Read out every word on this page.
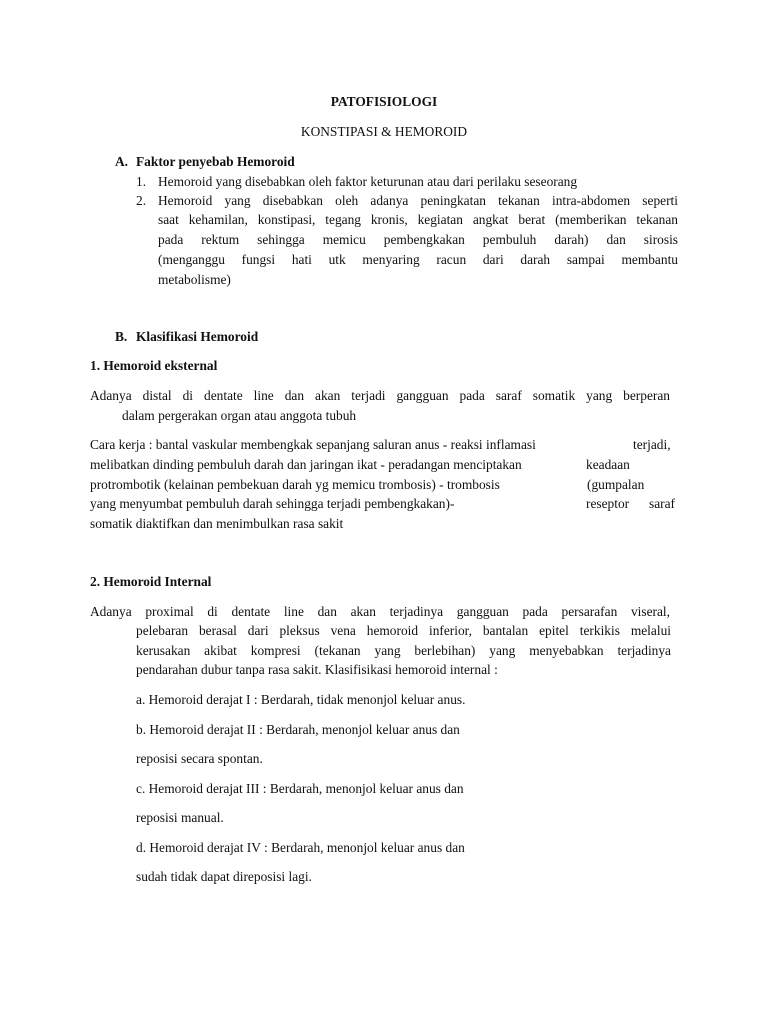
PATOFISIOLOGI
KONSTIPASI & HEMOROID
A. Faktor penyebab Hemoroid
1. Hemoroid yang disebabkan oleh faktor keturunan atau dari perilaku seseorang
2. Hemoroid yang disebabkan oleh adanya peningkatan tekanan intra-abdomen seperti
saat kehamilan, konstipasi, tegang kronis, kegiatan angkat berat (memberikan tekanan
pada rektum sehingga memicu pembengkakan pembuluh darah) dan sirosis
(menganggu fungsi hati utk menyaring racun dari darah sampai membantu
metabolisme)
B. Klasifikasi Hemoroid
1. Hemoroid eksternal
Adanya distal di dentate line dan akan terjadi gangguan pada saraf somatik yang berperan
dalam pergerakan organ atau anggota tubuh
Cara kerja : bantal vaskular membengkak sepanjang saluran anus - reaksi inflamasi	terjadi,
melibatkan dinding pembuluh darah dan jaringan ikat - peradangan menciptakan	keadaan
protrombotik (kelainan pembekuan darah yg memicu trombosis) - trombosis	(gumpalan
yang menyumbat pembuluh darah sehingga terjadi pembengkakan)-	reseptor saraf
somatik diaktifkan dan menimbulkan rasa sakit
2. Hemoroid Internal
Adanya proximal di dentate line dan akan terjadinya gangguan pada persarafan viseral,
pelebaran berasal dari pleksus vena hemoroid inferior, bantalan epitel terkikis melalui
kerusakan akibat kompresi (tekanan yang berlebihan) yang menyebabkan terjadinya
pendarahan dubur tanpa rasa sakit. Klasifisikasi hemoroid internal :
a. Hemoroid derajat I : Berdarah, tidak menonjol keluar anus.
b. Hemoroid derajat II : Berdarah, menonjol keluar anus dan
reposisi secara spontan.
c. Hemoroid derajat III : Berdarah, menonjol keluar anus dan
reposisi manual.
d. Hemoroid derajat IV : Berdarah, menonjol keluar anus dan
sudah tidak dapat direposisi lagi.
